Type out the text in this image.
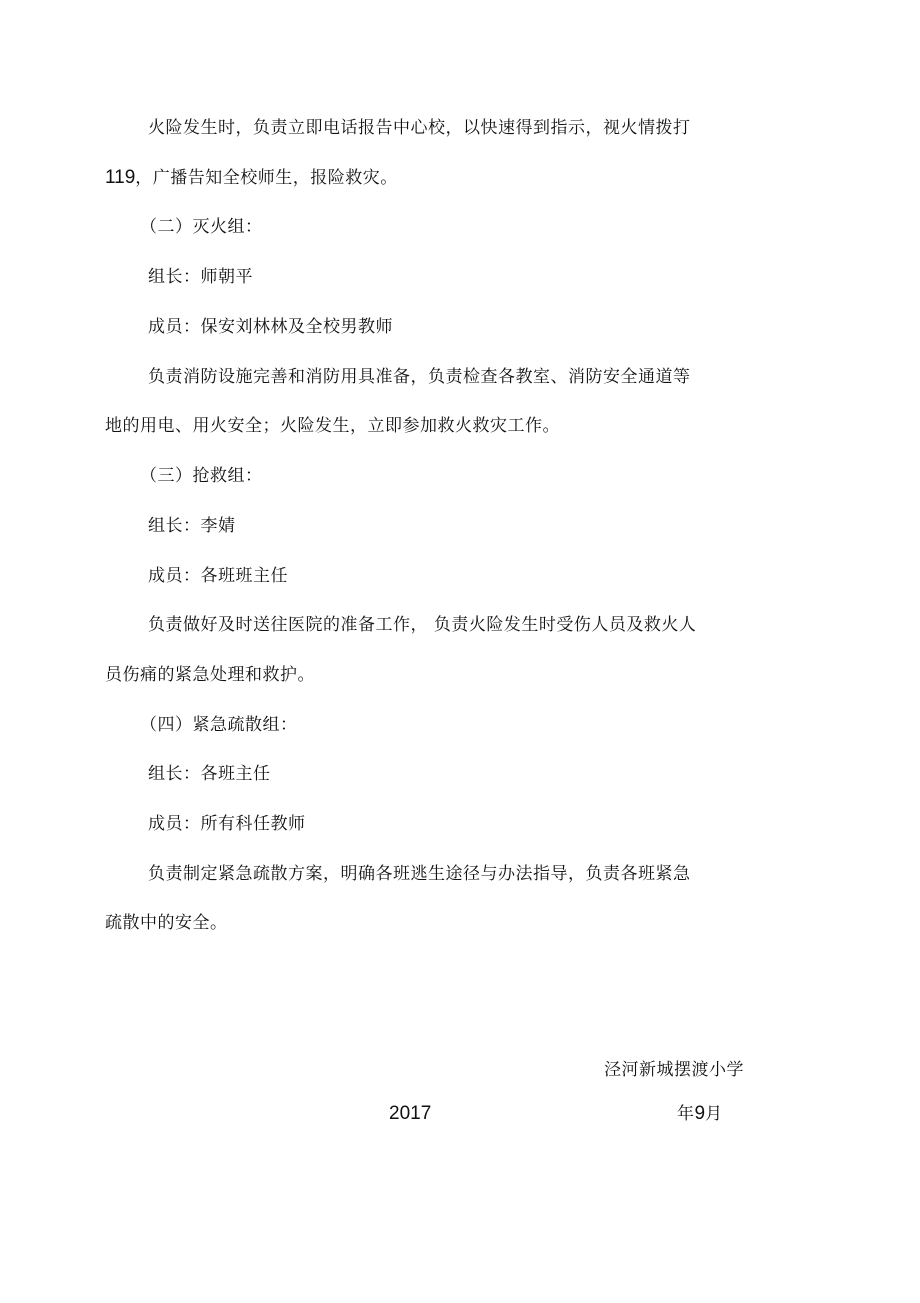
火险发生时，负责立即电话报告中心校，以快速得到指示，视火情拨打
119，广播告知全校师生，报险救灾。
（二）灭火组：
组长：师朝平
成员：保安刘林林及全校男教师
负责消防设施完善和消防用具准备，负责检查各教室、消防安全通道等
地的用电、用火安全；火险发生，立即参加救火救灾工作。
（三）抢救组：
组长：李婧
成员：各班班主任
负责做好及时送往医院的准备工作， 负责火险发生时受伤人员及救火人
员伤痛的紧急处理和救护。
（四）紧急疏散组：
组长：各班主任
成员：所有科任教师
负责制定紧急疏散方案，明确各班逃生途径与办法指导，负责各班紧急
疏散中的安全。
泾河新城摆渡小学
2017	年9月
